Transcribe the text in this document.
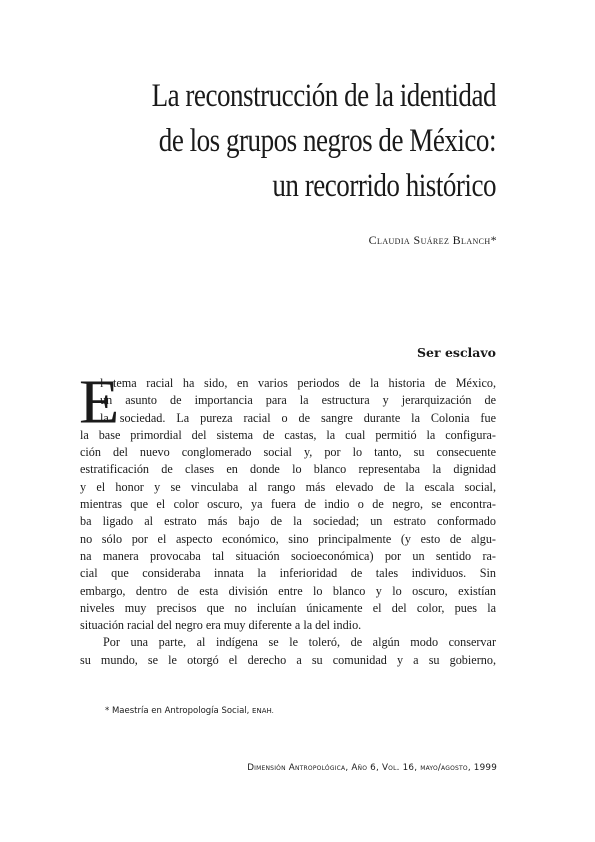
La reconstrucción de la identidad
de los grupos negros de México:
un recorrido histórico
Claudia Suárez Blanch*
Ser esclavo
E
l tema racial ha sido, en varios periodos de la historia de México,
un asunto de importancia para la estructura y jerarquización de
la sociedad. La pureza racial o de sangre durante la Colonia fue
la base primordial del sistema de castas, la cual permitió la configura-
ción del nuevo conglomerado social y, por lo tanto, su consecuente
estratificación de clases en donde lo blanco representaba la dignidad
y el honor y se vinculaba al rango más elevado de la escala social,
mientras que el color oscuro, ya fuera de indio o de negro, se encontra-
ba ligado al estrato más bajo de la sociedad; un estrato conformado
no sólo por el aspecto económico, sino principalmente (y esto de algu-
na manera provocaba tal situación socioeconómica) por un sentido ra-
cial que consideraba innata la inferioridad de tales individuos. Sin
embargo, dentro de esta división entre lo blanco y lo oscuro, existían
niveles muy precisos que no incluían únicamente el del color, pues la
situación racial del negro era muy diferente a la del indio.
Por una parte, al indígena se le toleró, de algún modo conservar
su mundo, se le otorgó el derecho a su comunidad y a su gobierno,
* Maestría en Antropología Social, ENAH.
Dimensión Antropológica, Año 6, Vol. 16, mayo/agosto, 1999
